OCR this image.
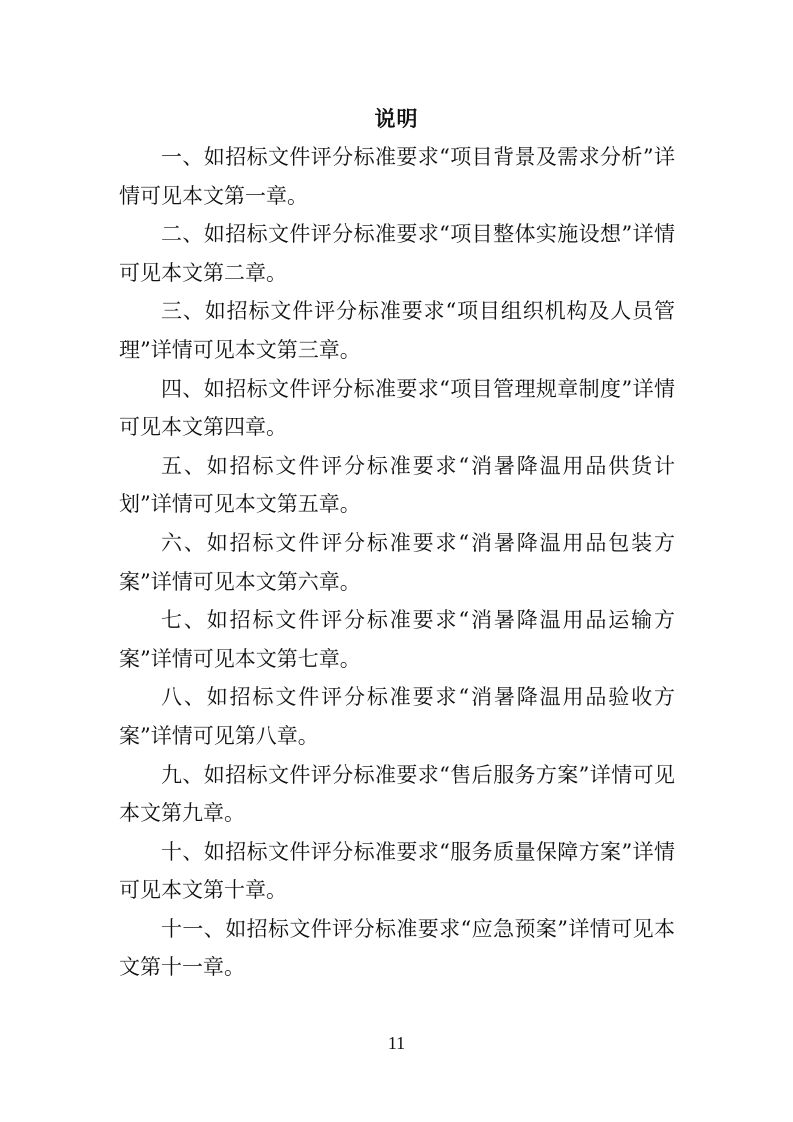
说明

一、如招标文件评分标准要求“项目背景及需求分析”详情可见本文第一章。

二、如招标文件评分标准要求“项目整体实施设想”详情可见本文第二章。

三、如招标文件评分标准要求“项目组织机构及人员管理”详情可见本文第三章。

四、如招标文件评分标准要求“项目管理规章制度”详情可见本文第四章。

五、如招标文件评分标准要求“消暑降温用品供货计划”详情可见本文第五章。

六、如招标文件评分标准要求“消暑降温用品包装方案”详情可见本文第六章。

七、如招标文件评分标准要求“消暑降温用品运输方案”详情可见本文第七章。

八、如招标文件评分标准要求“消暑降温用品验收方案”详情可见第八章。

九、如招标文件评分标准要求“售后服务方案”详情可见本文第九章。

十、如招标文件评分标准要求“服务质量保障方案”详情可见本文第十章。

十一、如招标文件评分标准要求“应急预案”详情可见本文第十一章。

11
